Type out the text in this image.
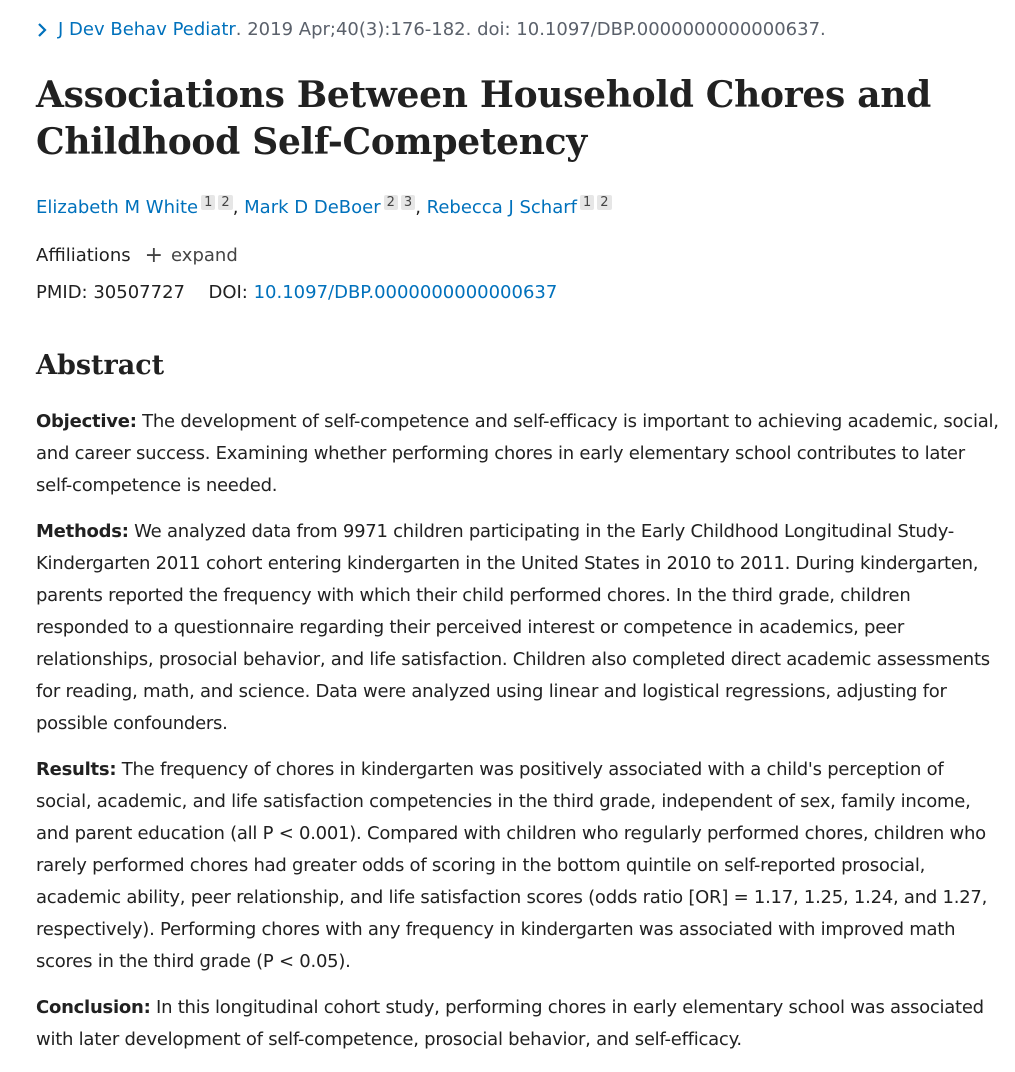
J Dev Behav Pediatr . 2019 Apr;40(3):176-182. doi: 10.1097/DBP.0000000000000637.
Associations Between Household Chores and Childhood Self-Competency
Elizabeth M White 1 2 , Mark D DeBoer 2 3 , Rebecca J Scharf 1 2
Affiliations + expand
PMID: 30507727 DOI: 10.1097/DBP.0000000000000637
Abstract

Objective: The development of self-competence and self-efficacy is important to achieving academic, social, and career success. Examining whether performing chores in early elementary school contributes to later self-competence is needed.

Methods: We analyzed data from 9971 children participating in the Early Childhood Longitudinal Study-Kindergarten 2011 cohort entering kindergarten in the United States in 2010 to 2011. During kindergarten, parents reported the frequency with which their child performed chores. In the third grade, children responded to a questionnaire regarding their perceived interest or competence in academics, peer relationships, prosocial behavior, and life satisfaction. Children also completed direct academic assessments for reading, math, and science. Data were analyzed using linear and logistical regressions, adjusting for possible confounders.

Results: The frequency of chores in kindergarten was positively associated with a child's perception of social, academic, and life satisfaction competencies in the third grade, independent of sex, family income, and parent education (all P < 0.001). Compared with children who regularly performed chores, children who rarely performed chores had greater odds of scoring in the bottom quintile on self-reported prosocial, academic ability, peer relationship, and life satisfaction scores (odds ratio [OR] = 1.17, 1.25, 1.24, and 1.27, respectively). Performing chores with any frequency in kindergarten was associated with improved math scores in the third grade (P < 0.05).

Conclusion: In this longitudinal cohort study, performing chores in early elementary school was associated with later development of self-competence, prosocial behavior, and self-efficacy.
